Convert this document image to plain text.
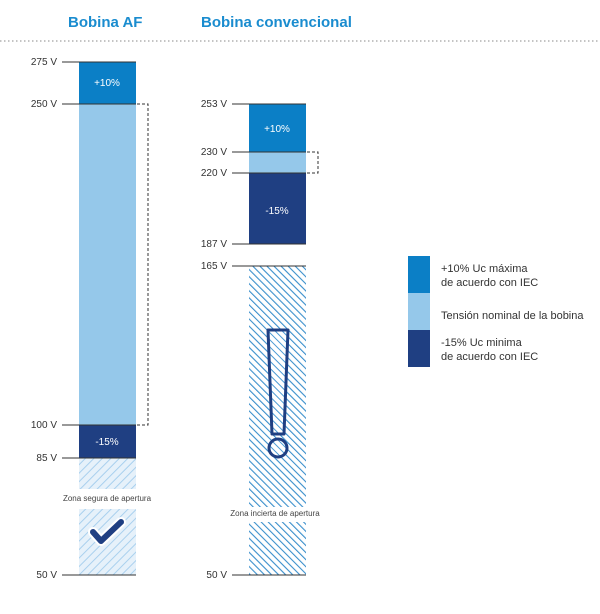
Bobina AF	Bobina convencional
Zona segura de apertura
+10%
-15%
275 V
250 V
100 V
85 V
50 V
Zona incierta de apertura
+10%
-15%
253 V
230 V
220 V
187 V
165 V
50 V
+10% Uc máxima
de acuerdo con IEC
Tensión nominal de la bobina
-15% Uc minima
de acuerdo con IEC
